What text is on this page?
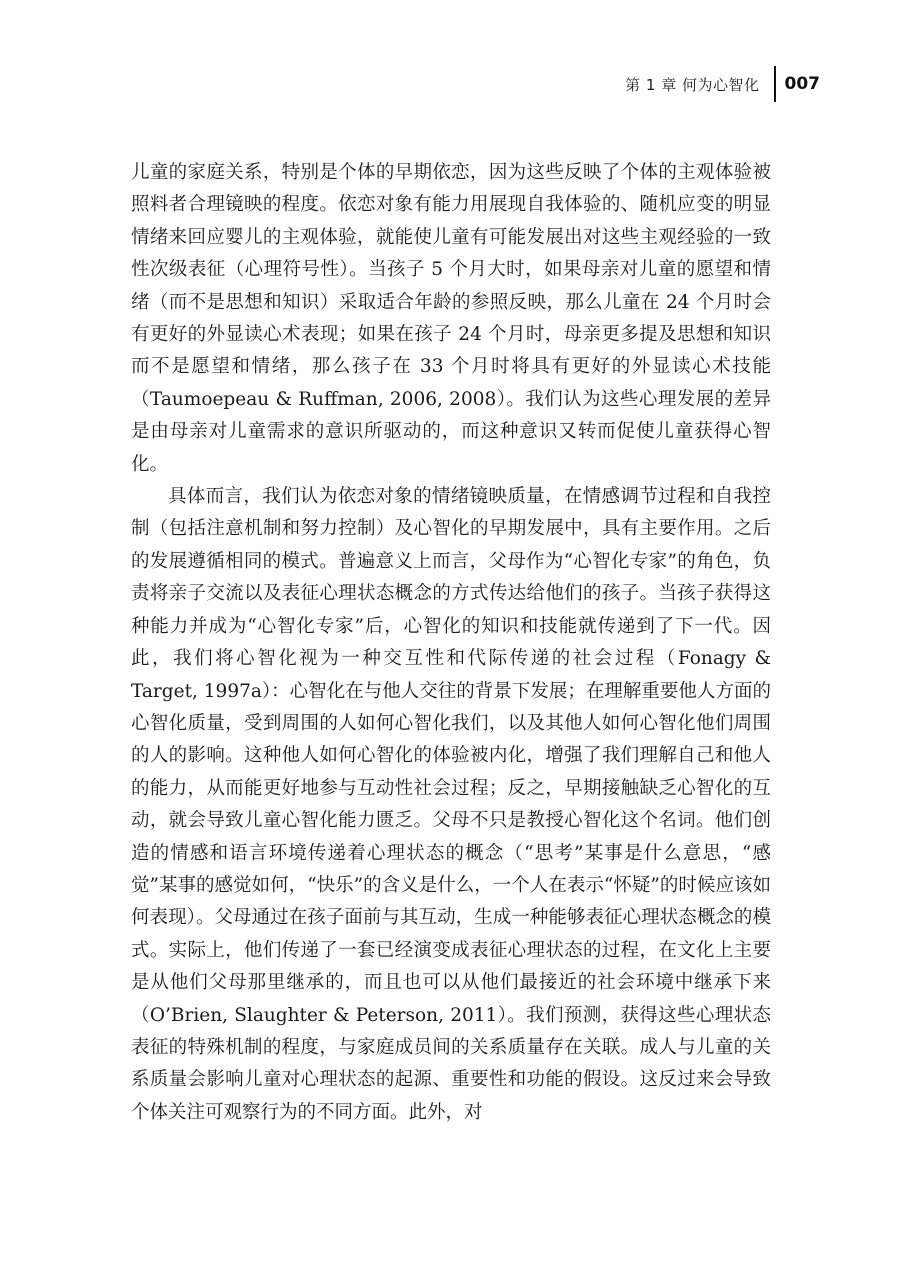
第 1 章 何为心智化 007

儿童的家庭关系，特别是个体的早期依恋，因为这些反映了个体的主观体验被照料者合理镜映的程度。依恋对象有能力用展现自我体验的、随机应变的明显情绪来回应婴儿的主观体验，就能使儿童有可能发展出对这些主观经验的一致性次级表征（心理符号性）。当孩子 5 个月大时，如果母亲对儿童的愿望和情绪（而不是思想和知识）采取适合年龄的参照反映，那么儿童在 24 个月时会有更好的外显读心术表现；如果在孩子 24 个月时，母亲更多提及思想和知识而不是愿望和情绪，那么孩子在 33 个月时将具有更好的外显读心术技能（Taumoepeau & Ruffman, 2006, 2008）。我们认为这些心理发展的差异是由母亲对儿童需求的意识所驱动的，而这种意识又转而促使儿童获得心智化。

具体而言，我们认为依恋对象的情绪镜映质量，在情感调节过程和自我控制（包括注意机制和努力控制）及心智化的早期发展中，具有主要作用。之后的发展遵循相同的模式。普遍意义上而言，父母作为“心智化专家”的角色，负责将亲子交流以及表征心理状态概念的方式传达给他们的孩子。当孩子获得这种能力并成为“心智化专家”后，心智化的知识和技能就传递到了下一代。因此，我们将心智化视为一种交互性和代际传递的社会过程（Fonagy & Target, 1997a）：心智化在与他人交往的背景下发展；在理解重要他人方面的心智化质量，受到周围的人如何心智化我们，以及其他人如何心智化他们周围的人的影响。这种他人如何心智化的体验被内化，增强了我们理解自己和他人的能力，从而能更好地参与互动性社会过程；反之，早期接触缺乏心智化的互动，就会导致儿童心智化能力匮乏。父母不只是教授心智化这个名词。他们创造的情感和语言环境传递着心理状态的概念（“思考”某事是什么意思，“感觉”某事的感觉如何，“快乐”的含义是什么，一个人在表示“怀疑”的时候应该如何表现）。父母通过在孩子面前与其互动，生成一种能够表征心理状态概念的模式。实际上，他们传递了一套已经演变成表征心理状态的过程，在文化上主要是从他们父母那里继承的，而且也可以从他们最接近的社会环境中继承下来（O’Brien, Slaughter & Peterson, 2011）。我们预测，获得这些心理状态表征的特殊机制的程度，与家庭成员间的关系质量存在关联。成人与儿童的关系质量会影响儿童对心理状态的起源、重要性和功能的假设。这反过来会导致个体关注可观察行为的不同方面。此外，对
